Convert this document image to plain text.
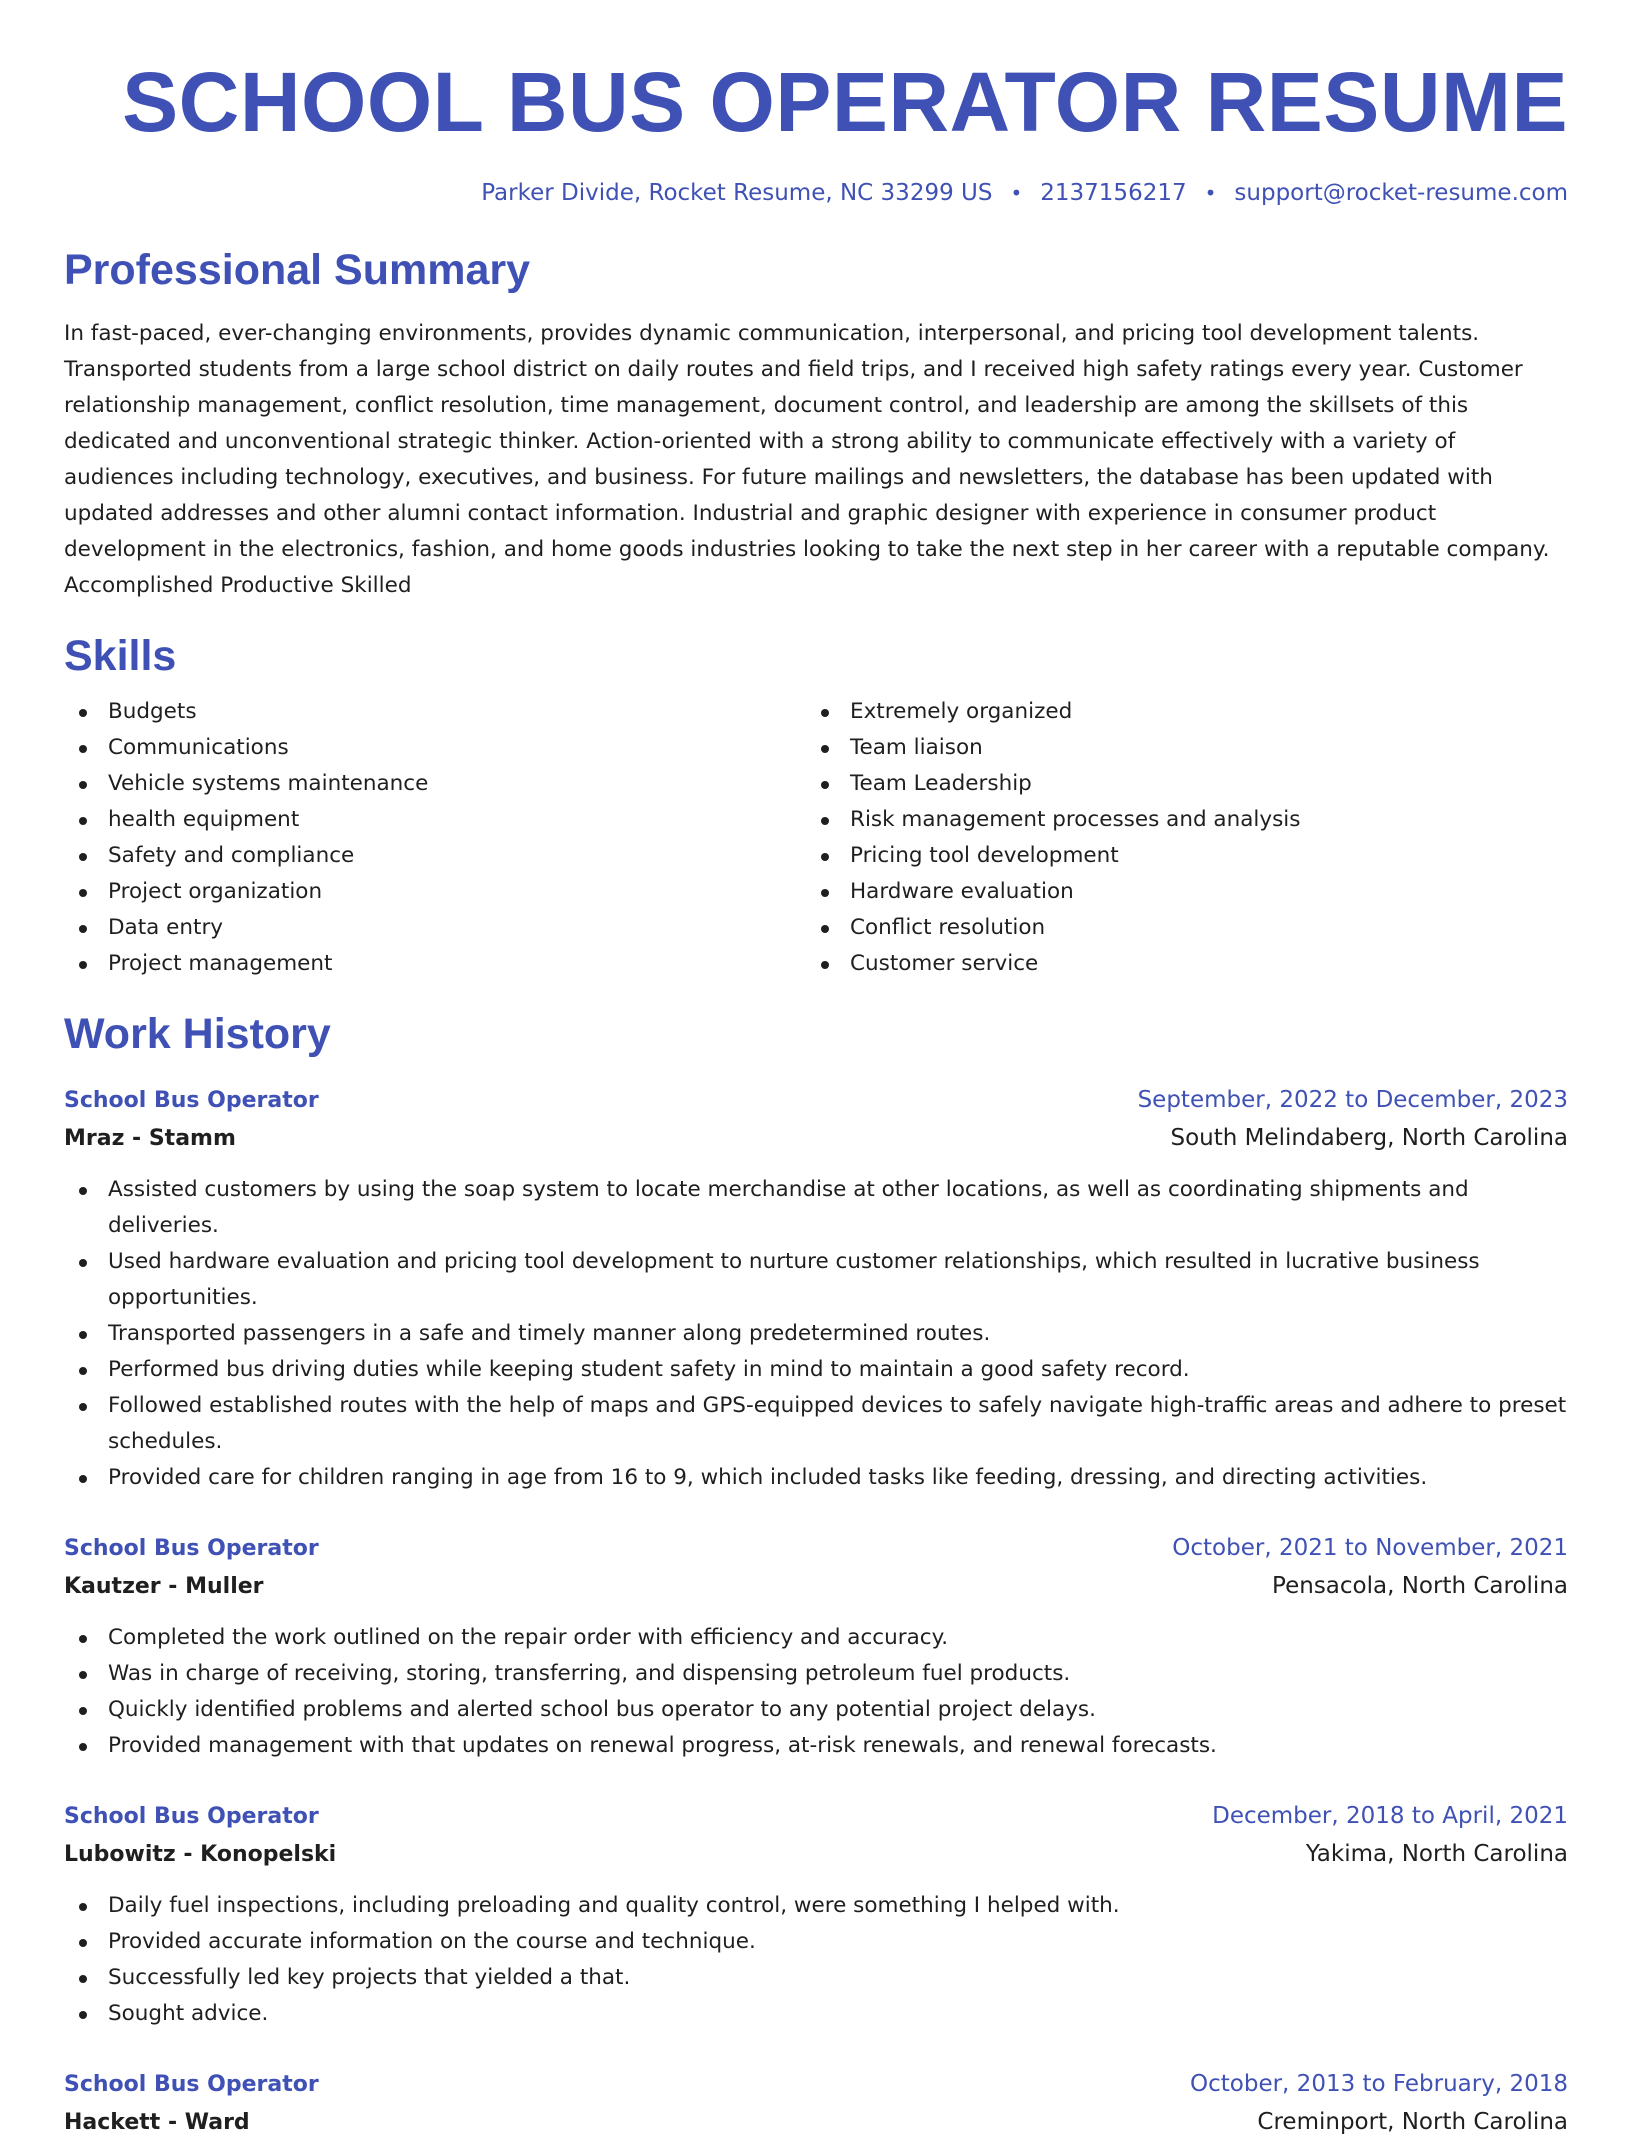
SCHOOL BUS OPERATOR RESUME
Parker Divide, Rocket Resume, NC 33299 US • 2137156217 • support@rocket-resume.com
Professional Summary
In fast-paced, ever-changing environments, provides dynamic communication, interpersonal, and pricing tool development talents. Transported students from a large school district on daily routes and field trips, and I received high safety ratings every year. Customer relationship management, conflict resolution, time management, document control, and leadership are among the skillsets of this dedicated and unconventional strategic thinker. Action-oriented with a strong ability to communicate effectively with a variety of audiences including technology, executives, and business. For future mailings and newsletters, the database has been updated with updated addresses and other alumni contact information. Industrial and graphic designer with experience in consumer product development in the electronics, fashion, and home goods industries looking to take the next step in her career with a reputable company. Accomplished Productive Skilled
Skills
Budgets
Communications
Vehicle systems maintenance
health equipment
Safety and compliance
Project organization
Data entry
Project management
Extremely organized
Team liaison
Team Leadership
Risk management processes and analysis
Pricing tool development
Hardware evaluation
Conflict resolution
Customer service
Work History
School Bus Operator	September, 2022 to December, 2023
Mraz - Stamm	South Melindaberg, North Carolina
Assisted customers by using the soap system to locate merchandise at other locations, as well as coordinating shipments and deliveries.
Used hardware evaluation and pricing tool development to nurture customer relationships, which resulted in lucrative business opportunities.
Transported passengers in a safe and timely manner along predetermined routes.
Performed bus driving duties while keeping student safety in mind to maintain a good safety record.
Followed established routes with the help of maps and GPS-equipped devices to safely navigate high-traffic areas and adhere to preset schedules.
Provided care for children ranging in age from 16 to 9, which included tasks like feeding, dressing, and directing activities.
School Bus Operator	October, 2021 to November, 2021
Kautzer - Muller	Pensacola, North Carolina
Completed the work outlined on the repair order with efficiency and accuracy.
Was in charge of receiving, storing, transferring, and dispensing petroleum fuel products.
Quickly identified problems and alerted school bus operator to any potential project delays.
Provided management with that updates on renewal progress, at-risk renewals, and renewal forecasts.
School Bus Operator	December, 2018 to April, 2021
Lubowitz - Konopelski	Yakima, North Carolina
Daily fuel inspections, including preloading and quality control, were something I helped with.
Provided accurate information on the course and technique.
Successfully led key projects that yielded a that.
Sought advice.
School Bus Operator	October, 2013 to February, 2018
Hackett - Ward	Creminport, North Carolina
